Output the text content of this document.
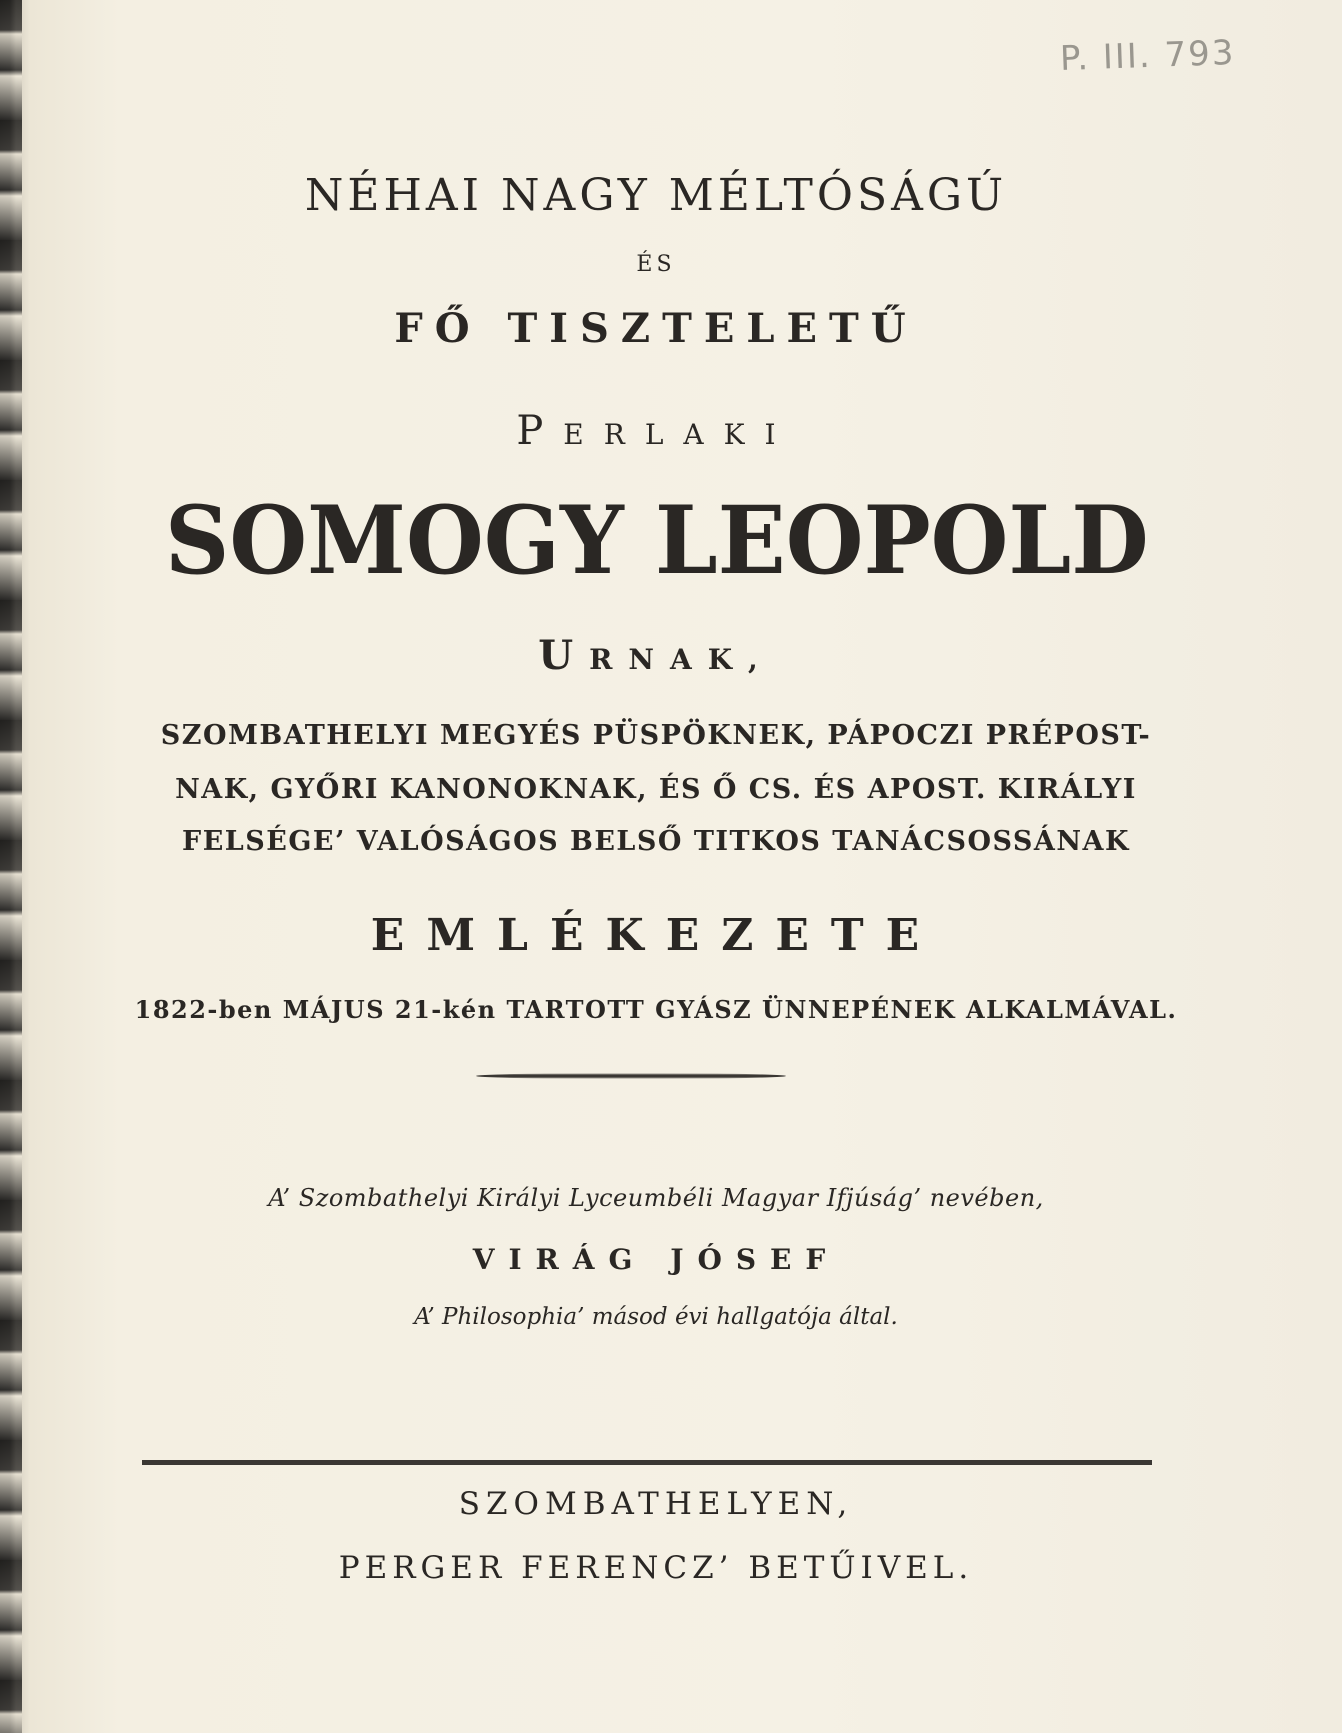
P. III. 793
NÉHAI NAGY MÉLTÓSÁGÚ
ÉS
FŐ TISZTELETŰ
PERLAKI
SOMOGY LEOPOLD
URNAK,
SZOMBATHELYI MEGYÉS PÜSPÖKNEK, PÁPOCZI PRÉPOST-
NAK, GYŐRI KANONOKNAK, ÉS Ő CS. ÉS APOST. KIRÁLYI
FELSÉGE’ VALÓSÁGOS BELSŐ TITKOS TANÁCSOSSÁNAK
EMLÉKEZETE
1822-ben MÁJUS 21-kén TARTOTT GYÁSZ ÜNNEPÉNEK ALKALMÁVAL.
A’ Szombathelyi Királyi Lyceumbéli Magyar Ifjúság’ nevében,
VIRÁG JÓSEF
A’ Philosophia’ másod évi hallgatója által.
SZOMBATHELYEN,
PERGER FERENCZ’ BETŰIVEL.
